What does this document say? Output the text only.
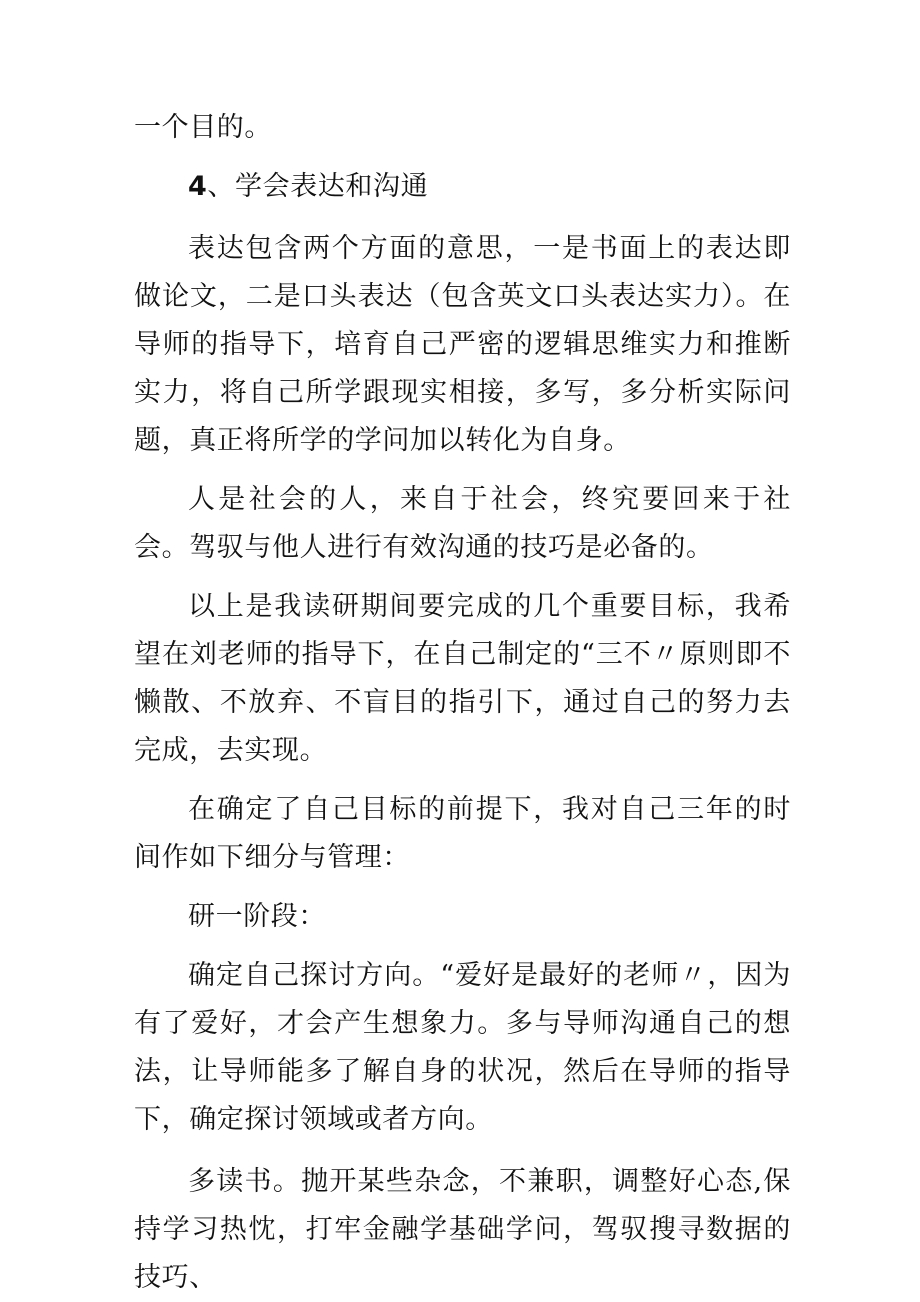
一个目的。

4、学会表达和沟通

表达包含两个方面的意思，一是书面上的表达即做论文，二是口头表达（包含英文口头表达实力）。在导师的指导下，培育自己严密的逻辑思维实力和推断实力，将自己所学跟现实相接，多写，多分析实际问题，真正将所学的学问加以转化为自身。

人是社会的人，来自于社会，终究要回来于社会。驾驭与他人进行有效沟通的技巧是必备的。

以上是我读研期间要完成的几个重要目标，我希望在刘老师的指导下，在自己制定的“三不〃原则即不懒散、不放弃、不盲目的指引下，通过自己的努力去完成，去实现。

在确定了自己目标的前提下，我对自己三年的时间作如下细分与管理：

研一阶段：

确定自己探讨方向。“爱好是最好的老师〃，因为有了爱好，才会产生想象力。多与导师沟通自己的想法，让导师能多了解自身的状况，然后在导师的指导下，确定探讨领域或者方向。

多读书。抛开某些杂念，不兼职，调整好心态,保持学习热忱，打牢金融学基础学问，驾驭搜寻数据的技巧、
